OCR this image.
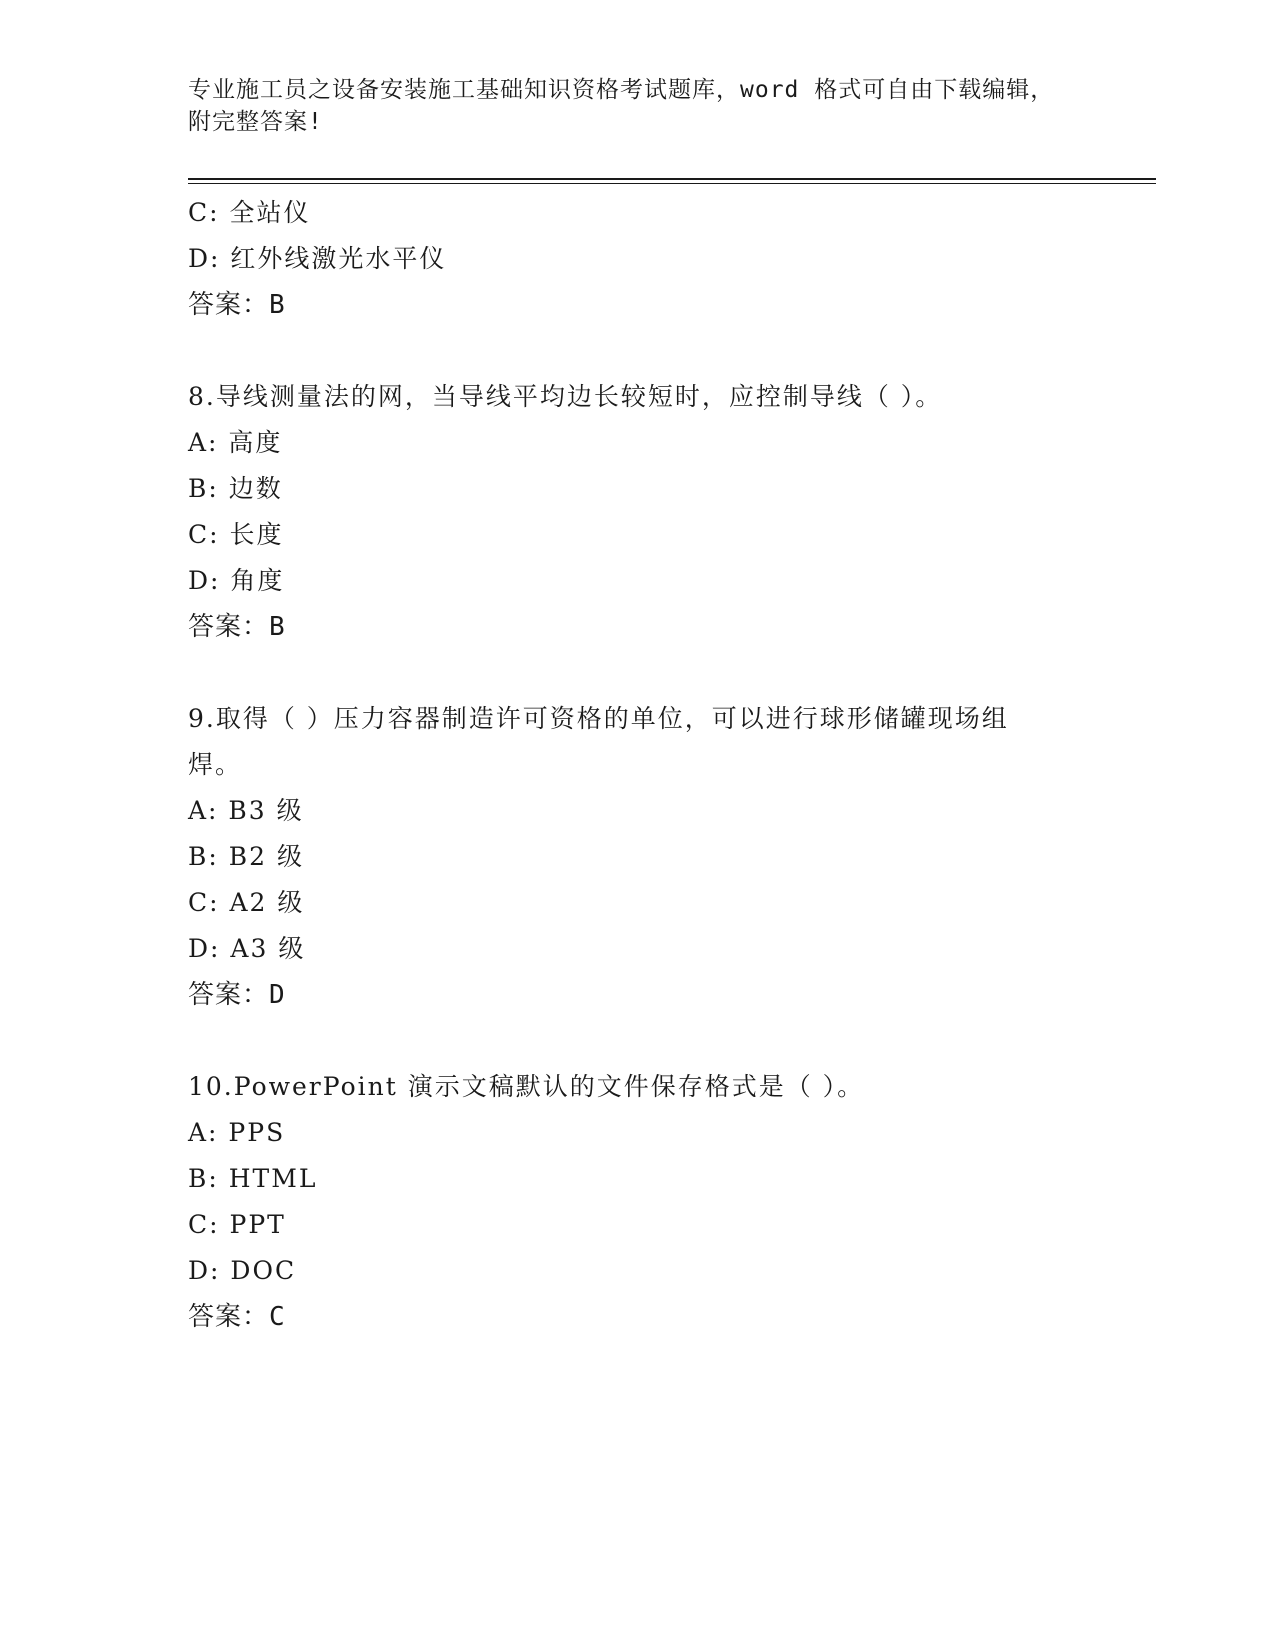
专业施工员之设备安装施工基础知识资格考试题库，word 格式可自由下载编辑，
附完整答案!
C: 全站仪
D: 红外线激光水平仪
答案：B
8.导线测量法的网，当导线平均边长较短时，应控制导线（ ）。
A: 高度
B: 边数
C: 长度
D: 角度
答案：B
9.取得（ ）压力容器制造许可资格的单位，可以进行球形储罐现场组
焊。
A: B3 级
B: B2 级
C: A2 级
D: A3 级
答案：D
10.PowerPoint 演示文稿默认的文件保存格式是（ ）。
A: PPS
B: HTML
C: PPT
D: DOC
答案：C
